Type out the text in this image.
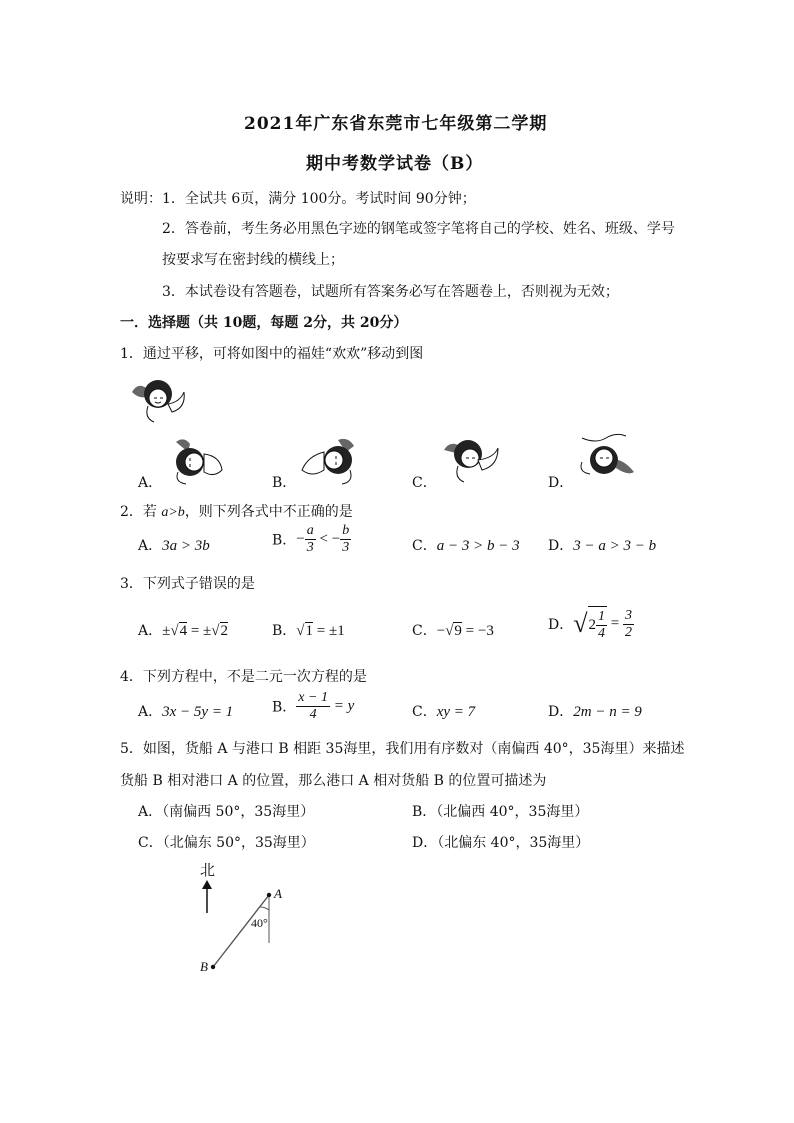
2021年广东省东莞市七年级第二学期
期中考数学试卷（B）
说明：1．全试共 6页，满分 100分。考试时间 90分钟；
2．答卷前，考生务必用黑色字迹的钢笔或签字笔将自己的学校、姓名、班级、学号
按要求写在密封线的横线上；
3．本试卷设有答题卷，试题所有答案务必写在答题卷上，否则视为无效；
一．选择题（共 10题，每题 2分，共 20分）
1．通过平移，可将如图中的福娃“欢欢”移动到图
A．	B．	C．	D．
2．若 a>b，则下列各式中不正确的是
A．3a > 3b	B．− $\frac{a}{3}$ < − $\frac{b}{3}$	C．a − 3 > b − 3 D．3 − a > 3 − b
3．下列式子错误的是
A．±√4 = ±√2	B．√1 = ±1	C．−√9 = −3	D．$√2 \frac{1}{4} = \frac{3}{2}$
4．下列方程中，不是二元一次方程的是
A．3x − 5y = 1	B． $\frac{x - 1}{4} = y$	C．xy = 7	D．2m − n = 9
5．如图，货船 A 与港口 B 相距 35海里，我们用有序数对（南偏西 40°，35海里）来描述
货船 B 相对港口 A 的位置，那么港口 A 相对货船 B 的位置可描述为
A．（南偏西 50°，35海里）	B．（北偏西 40°，35海里）
C．（北偏东 50°，35海里）	D．（北偏东 40°，35海里）
北
A
B
40°
